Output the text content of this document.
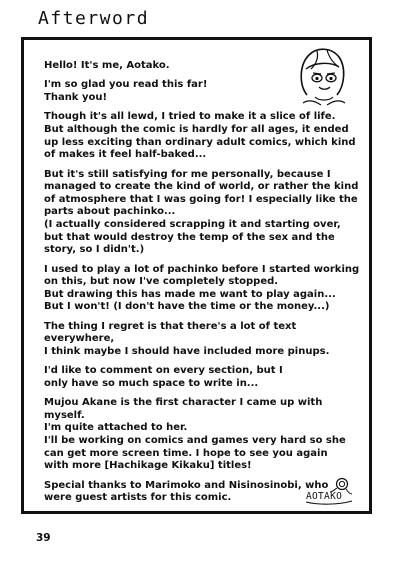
Afterword

Hello! It's me, Aotako.

I'm so glad you read this far!
Thank you!

Though it's all lewd, I tried to make it a slice of life.
But although the comic is hardly for all ages, it ended
up less exciting than ordinary adult comics, which kind
of makes it feel half-baked...

But it's still satisfying for me personally, because I
managed to create the kind of world, or rather the kind
of atmosphere that I was going for! I especially like the
parts about pachinko...
(I actually considered scrapping it and starting over,
but that would destroy the temp of the sex and the
story, so I didn't.)

I used to play a lot of pachinko before I started working
on this, but now I've completely stopped.
But drawing this has made me want to play again...
But I won't! (I don't have the time or the money...)

The thing I regret is that there's a lot of text everywhere,
I think maybe I should have included more pinups.

I'd like to comment on every section, but I
only have so much space to write in...

Mujou Akane is the first character I came up with myself.
I'm quite attached to her.
I'll be working on comics and games very hard so she
can get more screen time. I hope to see you again
with more [Hachikage Kikaku] titles!

Special thanks to Marimoko and Nisinosinobi, who
were guest artists for this comic.	AOTAKO
39
